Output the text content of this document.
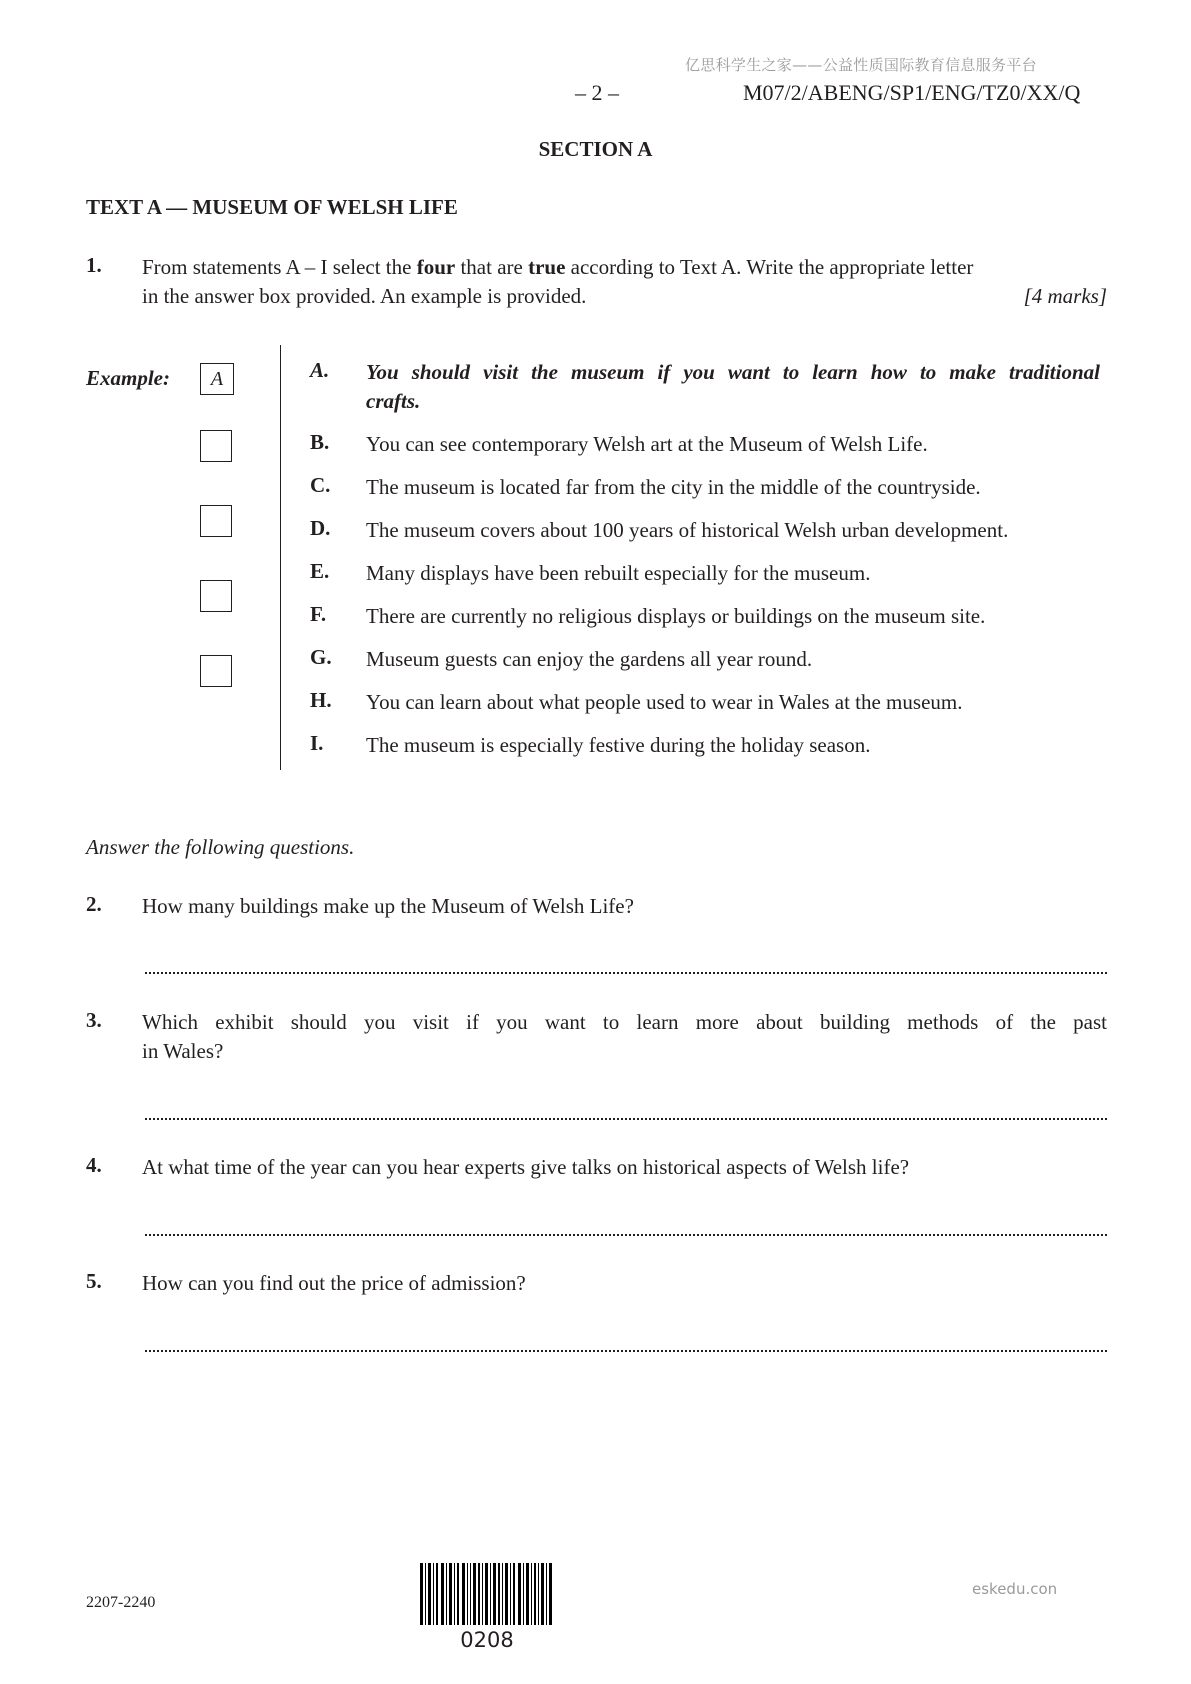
亿思科学生之家——公益性质国际教育信息服务平台
– 2 –	M07/2/ABENG/SP1/ENG/TZ0/XX/Q
SECTION A
TEXT A — MUSEUM OF WELSH LIFE
1. From statements A – I select the four that are true according to Text A. Write the appropriate letter
in the answer box provided. An example is provided.	[4 marks]
Example:	A	A. You should visit the museum if you want to learn how to make traditional crafts.
B. You can see contemporary Welsh art at the Museum of Welsh Life.
C. The museum is located far from the city in the middle of the countryside.
D. The museum covers about 100 years of historical Welsh urban development.
E. Many displays have been rebuilt especially for the museum.
F. There are currently no religious displays or buildings on the museum site.
G. Museum guests can enjoy the gardens all year round.
H. You can learn about what people used to wear in Wales at the museum.
I. The museum is especially festive during the holiday season.
Answer the following questions.
2. How many buildings make up the Museum of Welsh Life?
3. Which exhibit should you visit if you want to learn more about building methods of the past
in Wales?
4. At what time of the year can you hear experts give talks on historical aspects of Welsh life?
5. How can you find out the price of admission?
2207-2240
0208
eskedu.con
